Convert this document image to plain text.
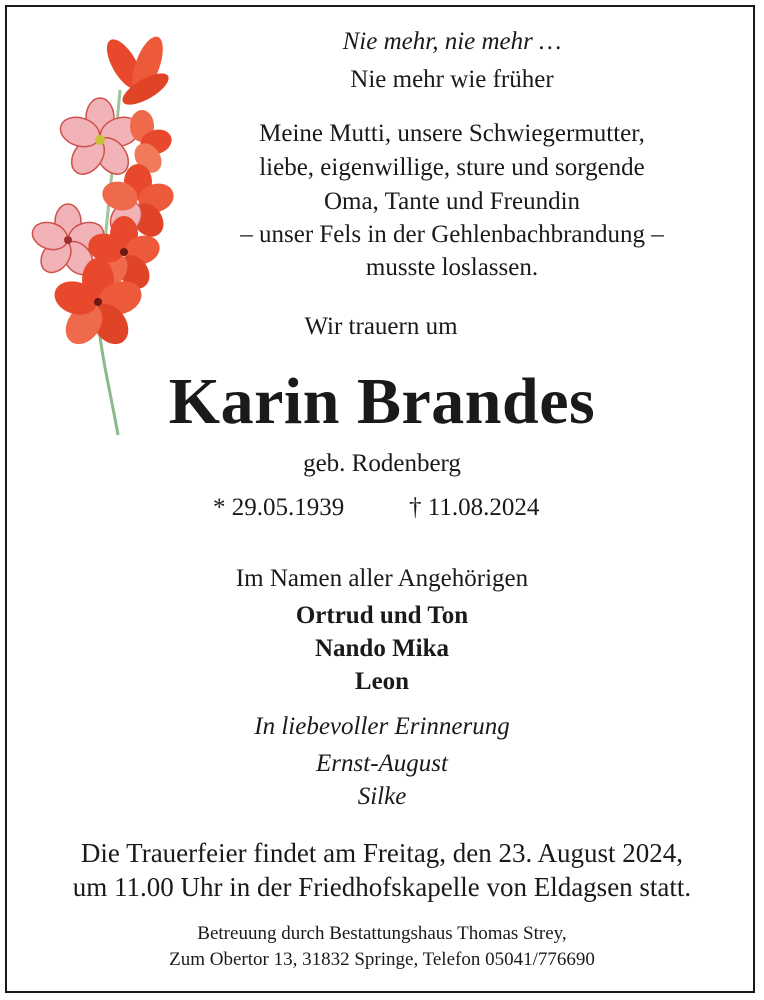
Nie mehr, nie mehr …
Nie mehr wie früher
Meine Mutti, unsere Schwiegermutter,
liebe, eigenwillige, sture und sorgende
Oma, Tante und Freundin
– unser Fels in der Gehlenbachbrandung –
musste loslassen.
Wir trauern um
Karin Brandes
geb. Rodenberg
* 29.05.1939	† 11.08.2024
Im Namen aller Angehörigen
Ortrud und Ton
Nando Mika
Leon
In liebevoller Erinnerung
Ernst-August
Silke
Die Trauerfeier findet am Freitag, den 23. August 2024,
um 11.00 Uhr in der Friedhofskapelle von Eldagsen statt.
Betreuung durch Bestattungshaus Thomas Strey,
Zum Obertor 13, 31832 Springe, Telefon 05041/776690
